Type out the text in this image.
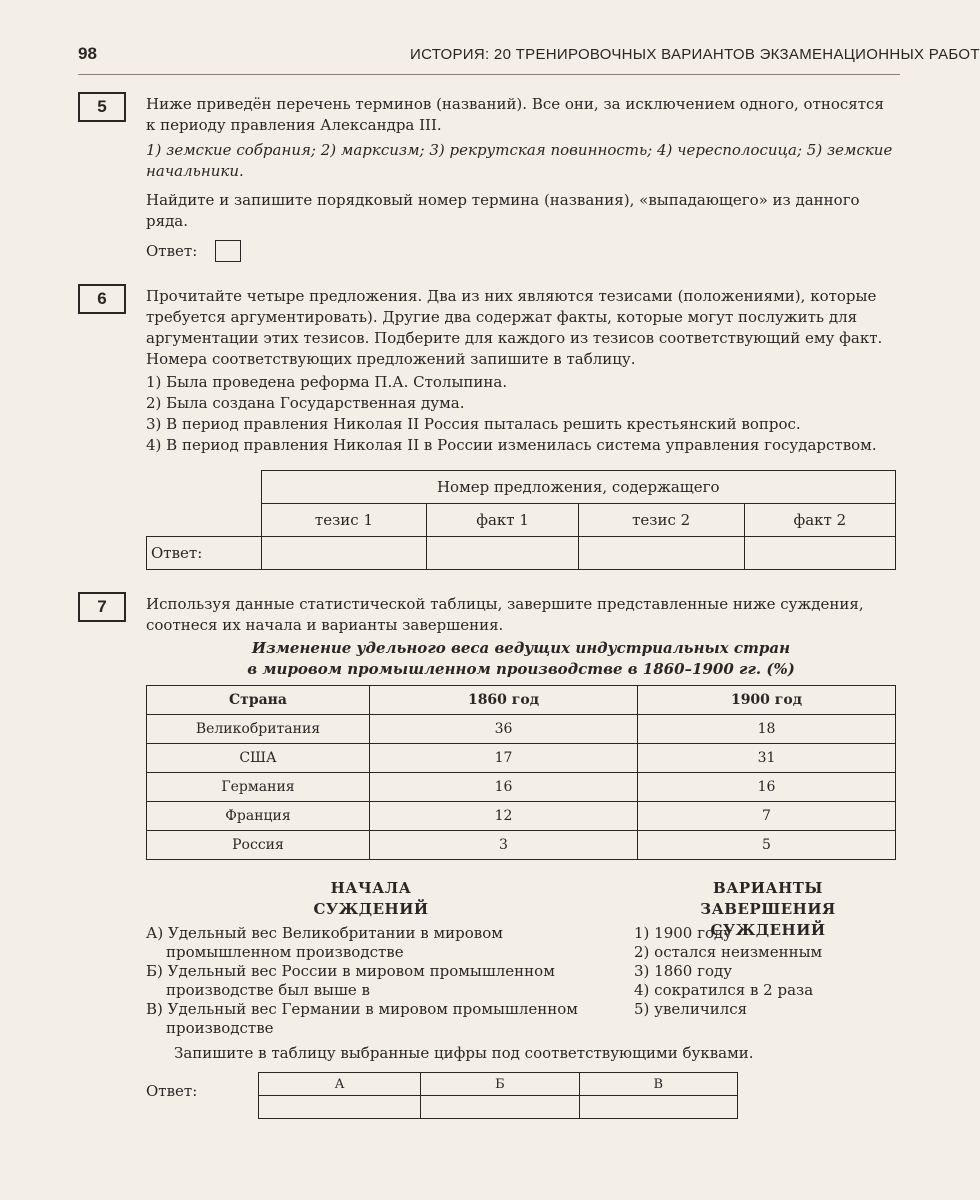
98	ИСТОРИЯ: 20 ТРЕНИРОВОЧНЫХ ВАРИАНТОВ ЭКЗАМЕНАЦИОННЫХ РАБОТ
5	Ниже приведён перечень терминов (названий). Все они, за исключением одного, относятся к периоду правления Александра III.

1) земские собрания; 2) марксизм; 3) рекрутская повинность; 4) чересполосица; 5) земские начальники.

Найдите и запишите порядковый номер термина (названия), «выпадающего» из данного ряда.

Ответ:
6	Прочитайте четыре предложения. Два из них являются тезисами (положениями), которые требуется аргументировать). Другие два содержат факты, которые могут послужить для аргументации этих тезисов. Подберите для каждого из тезисов соответствующий ему факт. Номера соответствующих предложений запишите в таблицу.

1) Была проведена реформа П.А. Столыпина.
2) Была создана Государственная дума.
3) В период правления Николая II Россия пыталась решить крестьянский вопрос.
4) В период правления Николая II в России изменилась система управления государством.
	Номер предложения, содержащего
	тезис 1	факт 1	тезис 2	факт 2
Ответ:				
7	Используя данные статистической таблицы, завершите представленные ниже суждения, соотнеся их начала и варианты завершения.
Изменение удельного веса ведущих индустриальных стран
в мировом промышленном производстве в 1860–1900 гг. (%)
Страна	1860 год	1900 год
Великобритания	36	18
США	17	31
Германия	16	16
Франция	12	7
Россия	3	5
НАЧАЛА
СУЖДЕНИЙ
ВАРИАНТЫ
ЗАВЕРШЕНИЯ СУЖДЕНИЙ
А) Удельный вес Великобритании в мировом промышленном производстве
Б) Удельный вес России в мировом промышленном производстве был выше в
В) Удельный вес Германии в мировом промышленном производстве
1) 1900 году
2) остался неизменным
3) 1860 году
4) сократился в 2 раза
5) увеличился
Запишите в таблицу выбранные цифры под соответствующими буквами.
Ответ:	А	Б	В
